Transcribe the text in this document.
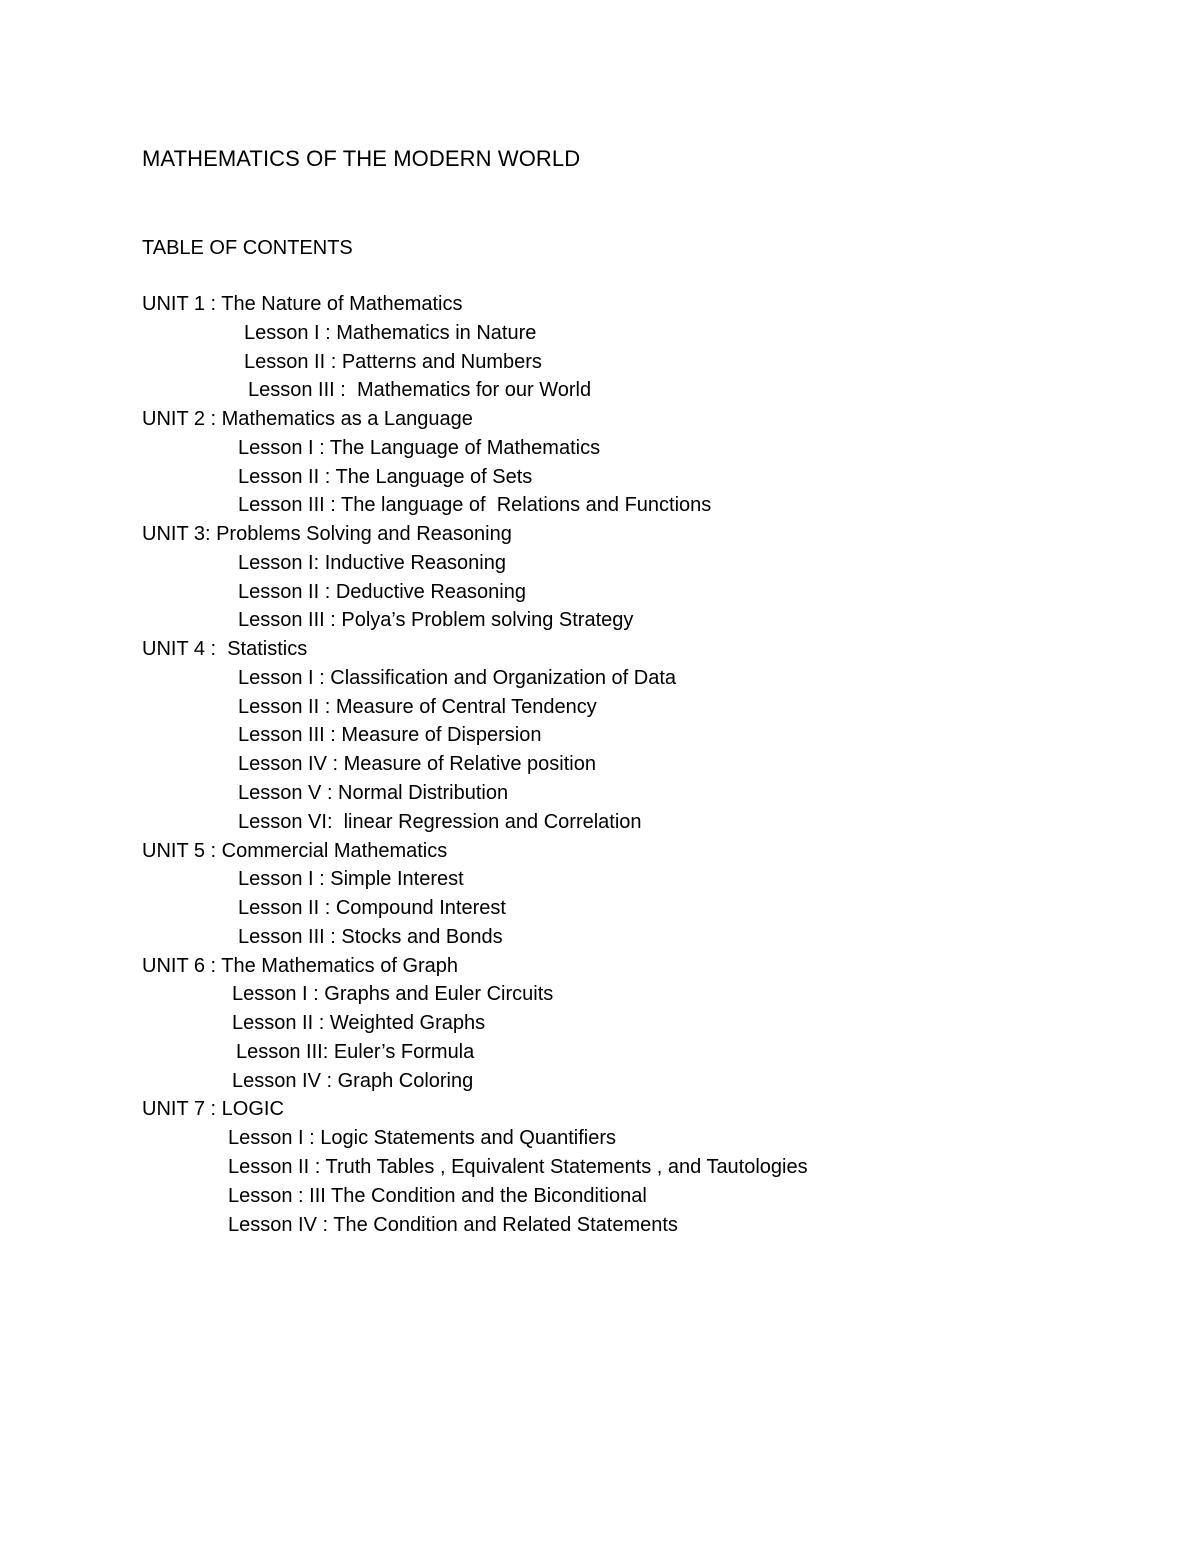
MATHEMATICS OF THE MODERN WORLD
TABLE OF CONTENTS
UNIT 1 : The Nature of Mathematics
Lesson I : Mathematics in Nature
Lesson II : Patterns and Numbers
Lesson III :  Mathematics for our World
UNIT 2 : Mathematics as a Language
Lesson I : The Language of Mathematics
Lesson II : The Language of Sets
Lesson III : The language of  Relations and Functions
UNIT 3: Problems Solving and Reasoning
Lesson I: Inductive Reasoning
Lesson II : Deductive Reasoning
Lesson III : Polya’s Problem solving Strategy
UNIT 4 :  Statistics
Lesson I : Classification and Organization of Data
Lesson II : Measure of Central Tendency
Lesson III : Measure of Dispersion
Lesson IV : Measure of Relative position
Lesson V : Normal Distribution
Lesson VI:  linear Regression and Correlation
UNIT 5 : Commercial Mathematics
Lesson I : Simple Interest
Lesson II : Compound Interest
Lesson III : Stocks and Bonds
UNIT 6 : The Mathematics of Graph
Lesson I : Graphs and Euler Circuits
Lesson II : Weighted Graphs
Lesson III: Euler’s Formula
Lesson IV : Graph Coloring
UNIT 7 : LOGIC
Lesson I : Logic Statements and Quantifiers
Lesson II : Truth Tables , Equivalent Statements , and Tautologies
Lesson : III The Condition and the Biconditional
Lesson IV : The Condition and Related Statements
